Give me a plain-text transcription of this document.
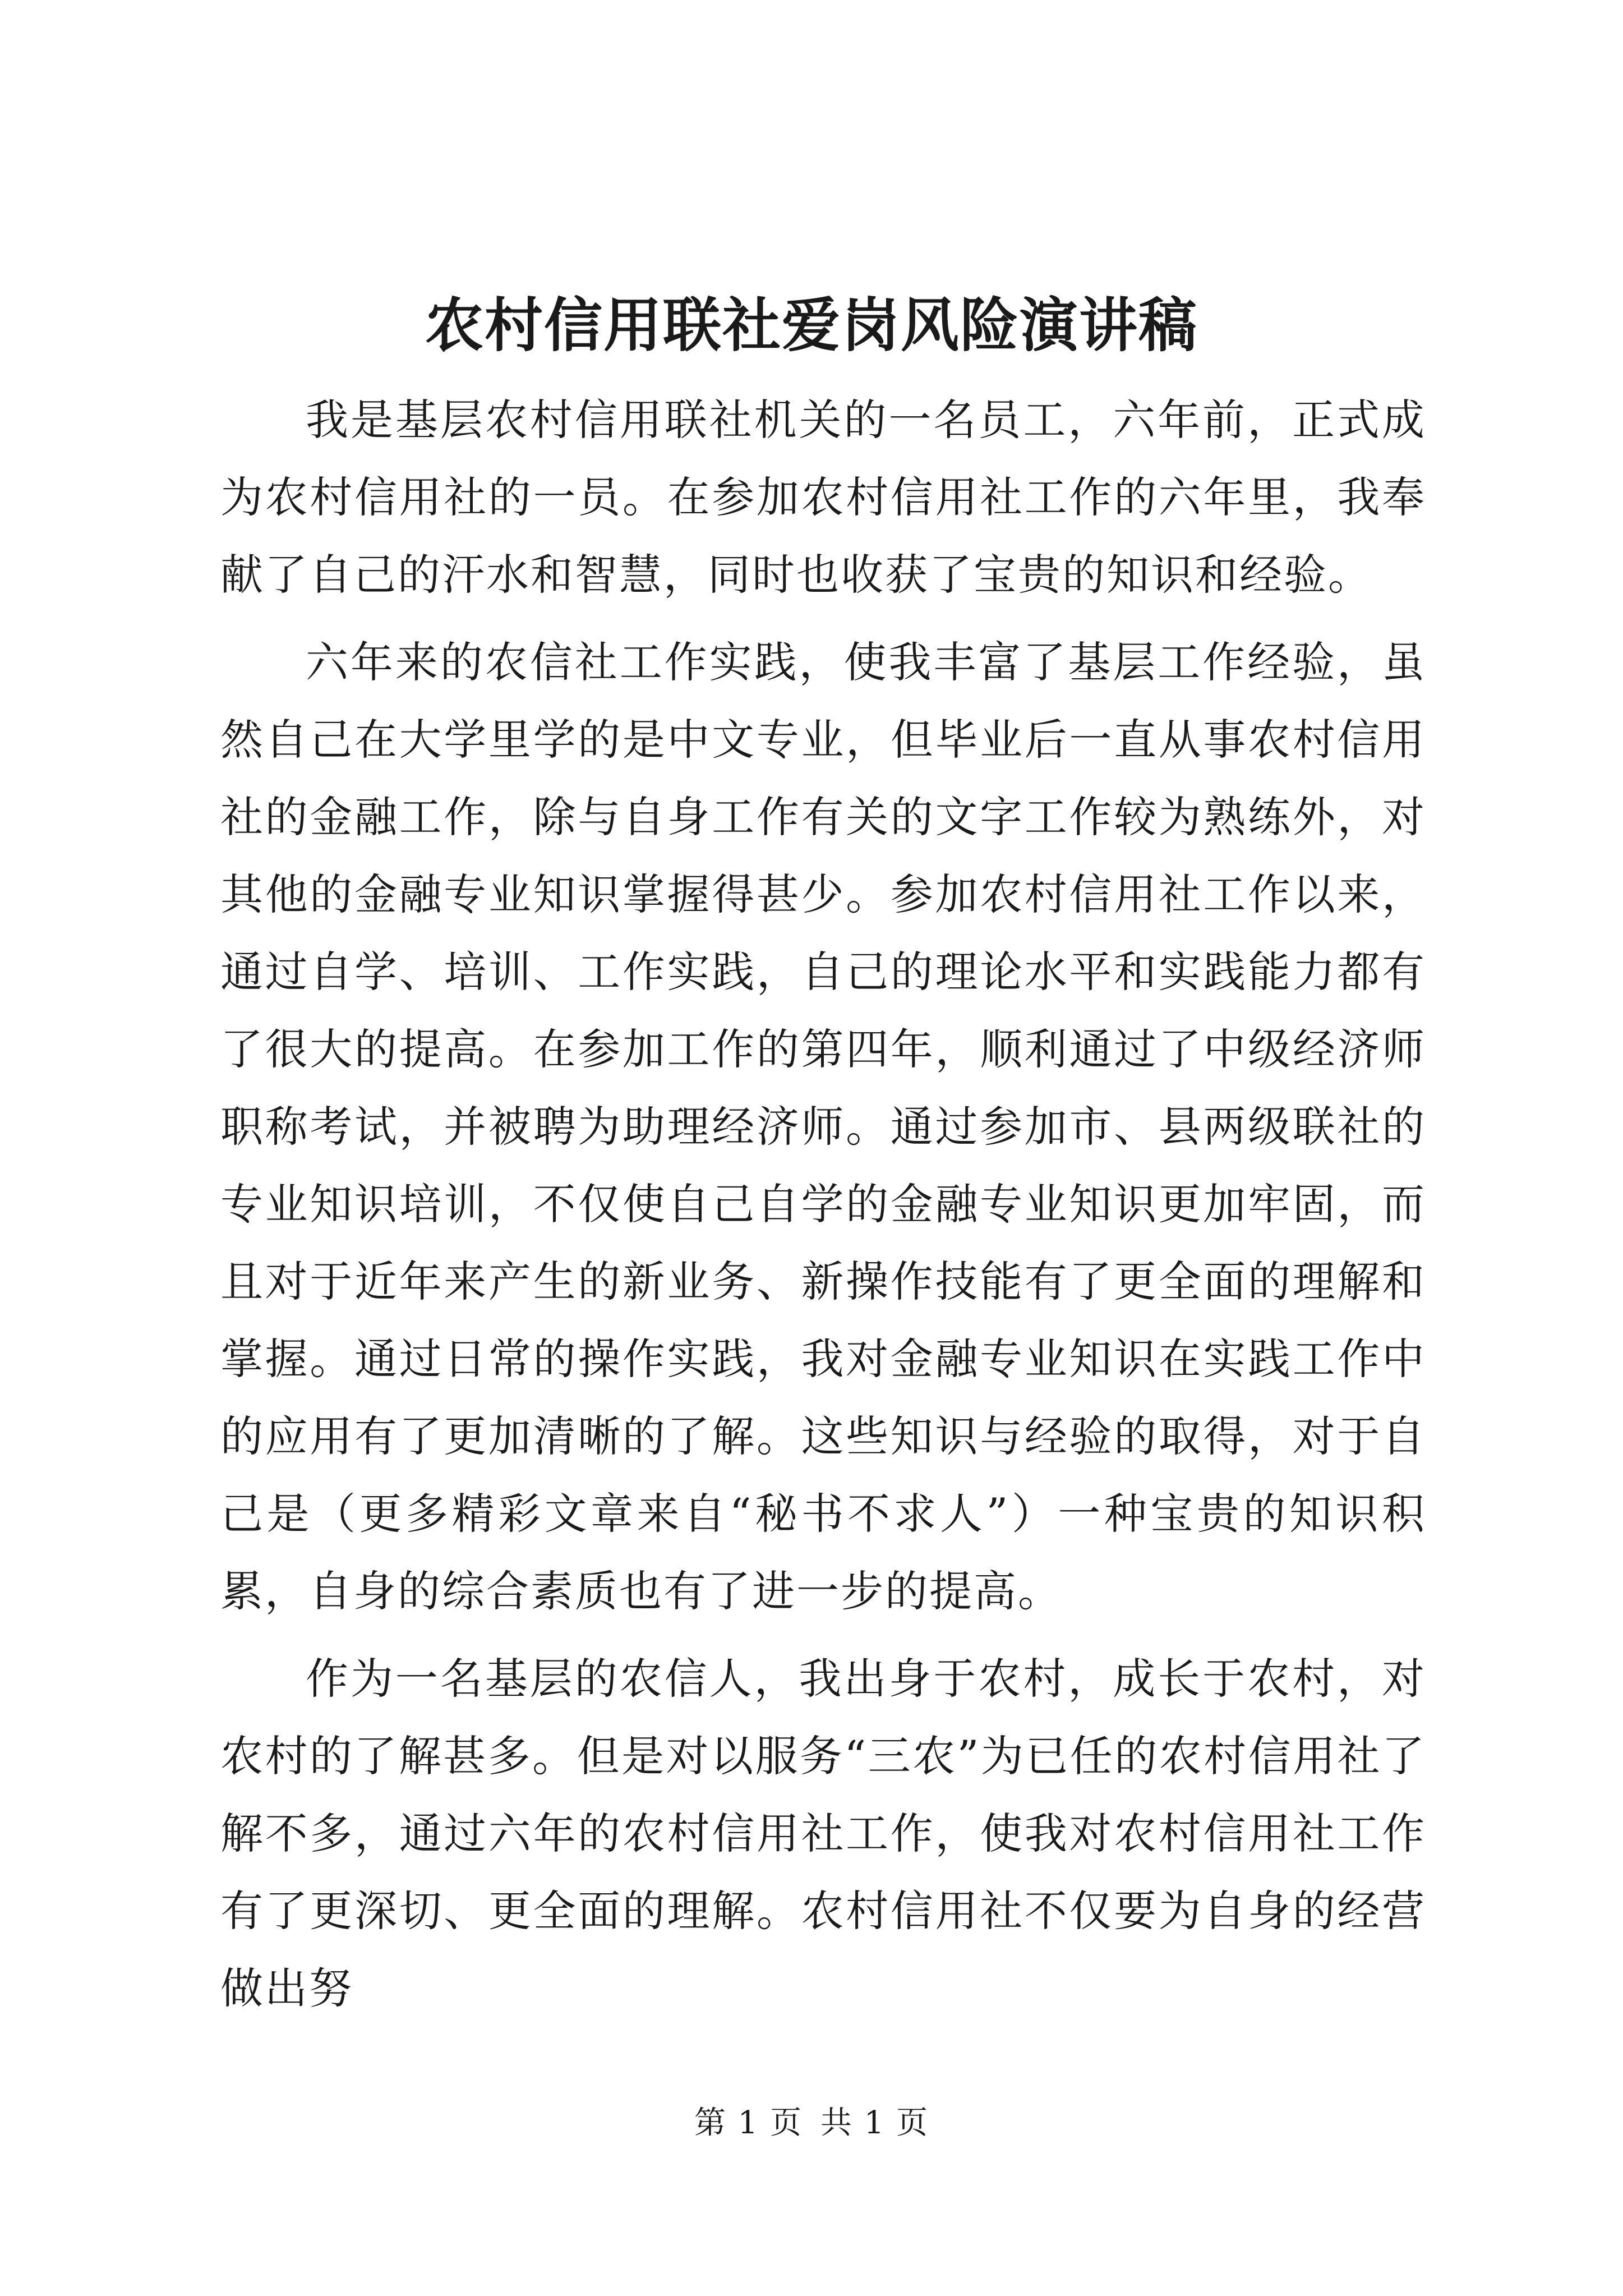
农村信用联社爱岗风险演讲稿

我是基层农村信用联社机关的一名员工，六年前，正式成为农村信用社的一员。在参加农村信用社工作的六年里，我奉献了自己的汗水和智慧，同时也收获了宝贵的知识和经验。

六年来的农信社工作实践，使我丰富了基层工作经验，虽然自己在大学里学的是中文专业，但毕业后一直从事农村信用社的金融工作，除与自身工作有关的文字工作较为熟练外，对其他的金融专业知识掌握得甚少。参加农村信用社工作以来，通过自学、培训、工作实践，自己的理论水平和实践能力都有了很大的提高。在参加工作的第四年，顺利通过了中级经济师职称考试，并被聘为助理经济师。通过参加市、县两级联社的专业知识培训，不仅使自己自学的金融专业知识更加牢固，而且对于近年来产生的新业务、新操作技能有了更全面的理解和掌握。通过日常的操作实践，我对金融专业知识在实践工作中的应用有了更加清晰的了解。这些知识与经验的取得，对于自己是（更多精彩文章来自“秘书不求人”）一种宝贵的知识积累，自身的综合素质也有了进一步的提高。

作为一名基层的农信人，我出身于农村，成长于农村，对农村的了解甚多。但是对以服务“三农”为已任的农村信用社了解不多，通过六年的农村信用社工作，使我对农村信用社工作有了更深切、更全面的理解。农村信用社不仅要为自身的经营做出努

第 1 页 共 1 页
